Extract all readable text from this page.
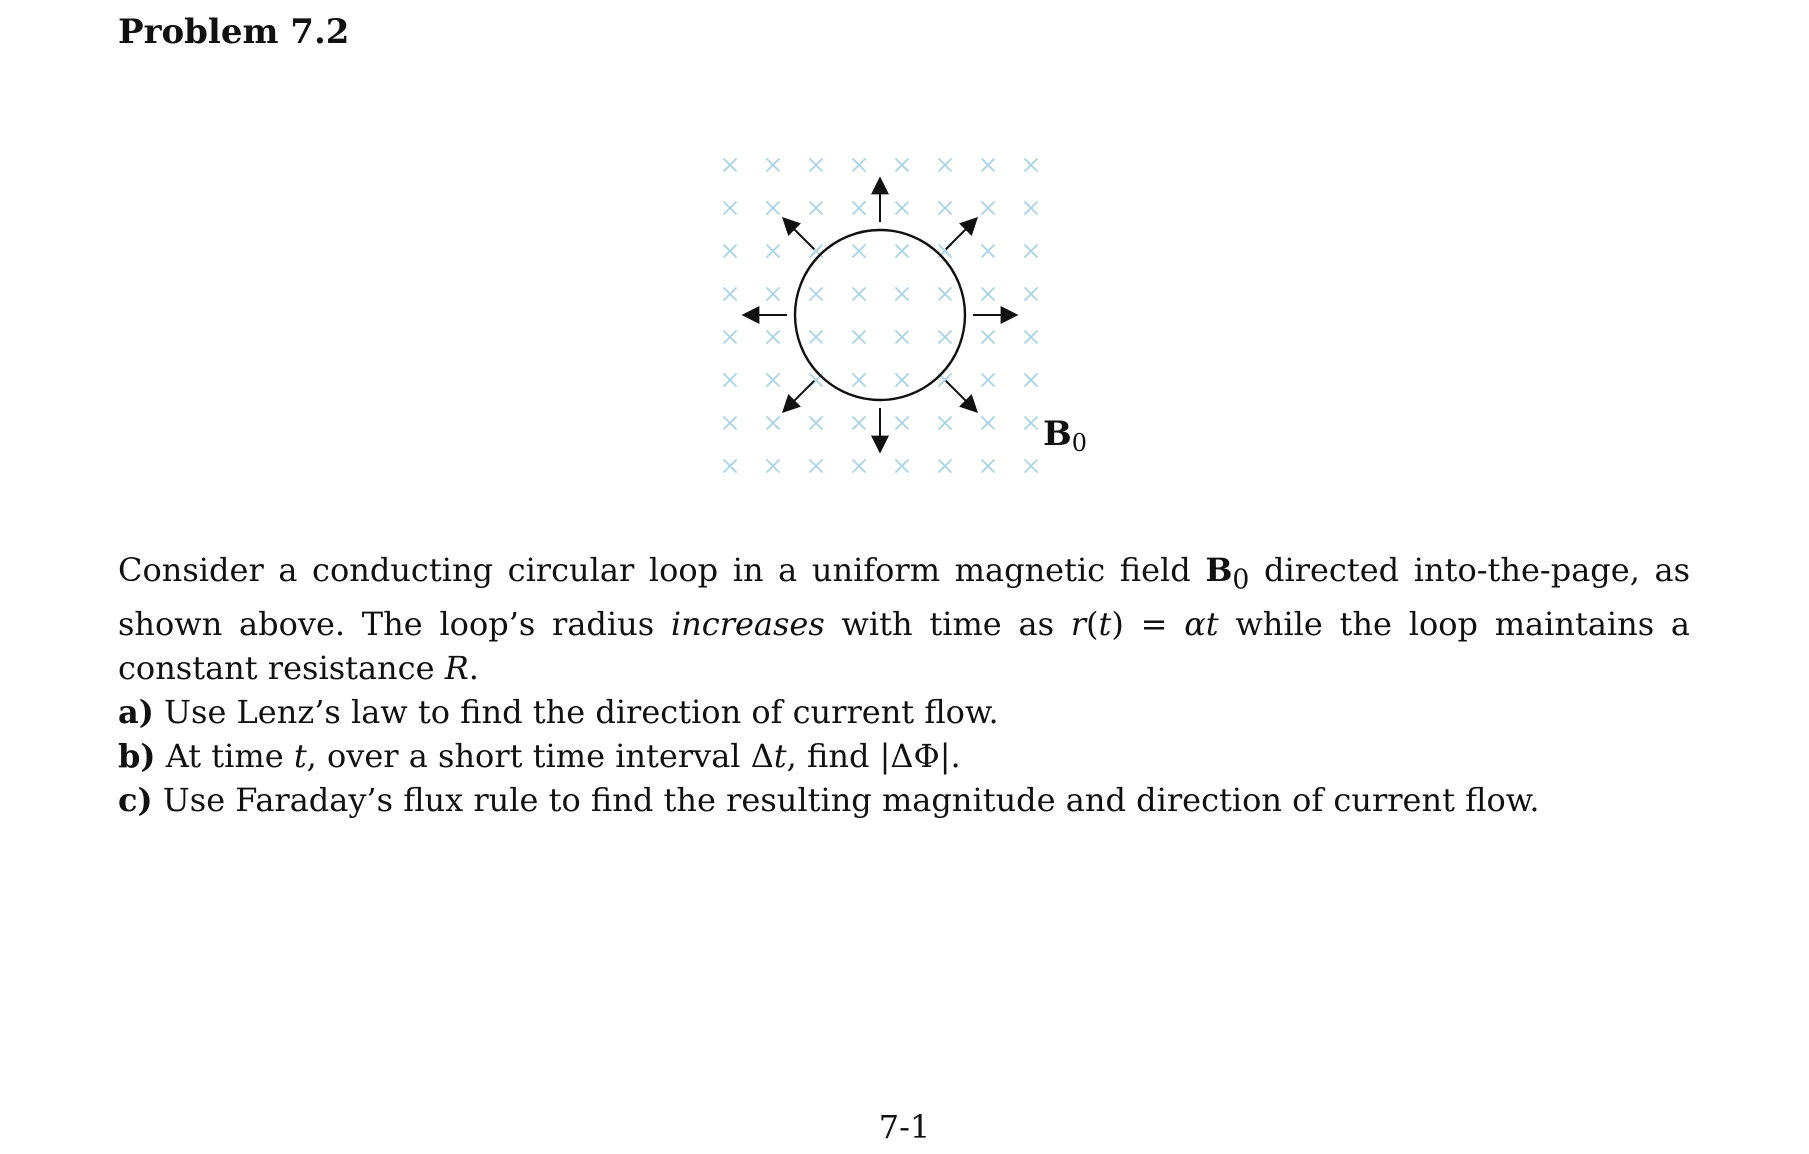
Problem 7.2
B0

Consider a conducting circular loop in a uniform magnetic field $B_0$ directed into-the-page, as shown above. The loop’s radius increases with time as r(t) = αt while the loop maintains a constant resistance R.

a) Use Lenz’s law to find the direction of current flow.

b) At time t, over a short time interval Δt, find |ΔΦ|.

c) Use Faraday’s flux rule to find the resulting magnitude and direction of current flow.

7-1
